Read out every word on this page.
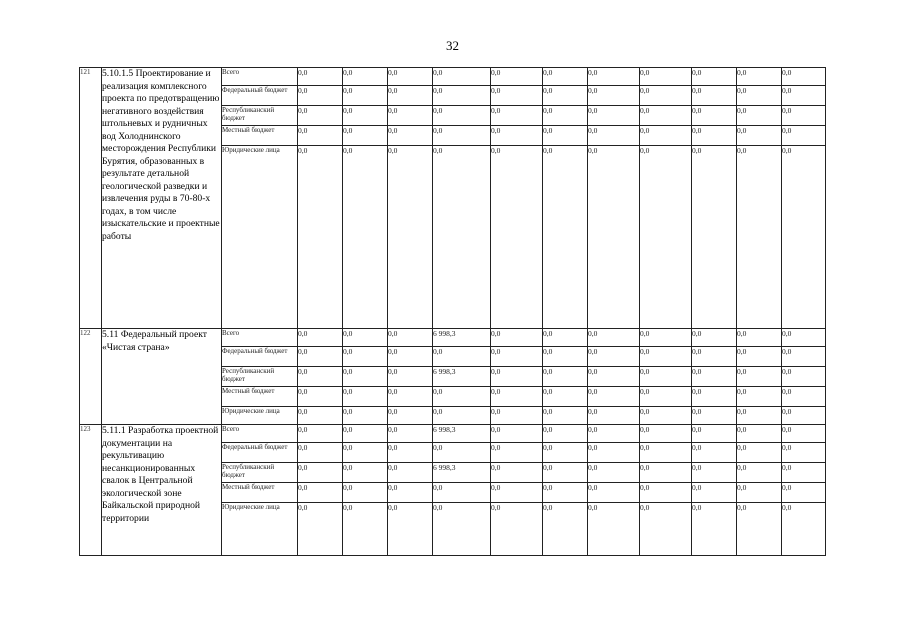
32
121	5.10.1.5 Проектирование и реализация комплексного проекта по предотвращению негативного воздействия штольневых и рудничных вод Холоднинского месторождения Республики Бурятия, образованных в результате детальной геологической разведки и извлечения руды в 70-80-х годах, в том числе изыскательские и проектные работы	Всего	0,0	0,0	0,0	0,0	0,0	0,0	0,0	0,0	0,0	0,0	0,0
		Федеральный бюджет	0,0	0,0	0,0	0,0	0,0	0,0	0,0	0,0	0,0	0,0	0,0
		Республиканский бюджет	0,0	0,0	0,0	0,0	0,0	0,0	0,0	0,0	0,0	0,0	0,0
		Местный бюджет	0,0	0,0	0,0	0,0	0,0	0,0	0,0	0,0	0,0	0,0	0,0
		Юридические лица	0,0	0,0	0,0	0,0	0,0	0,0	0,0	0,0	0,0	0,0	0,0
122	5.11 Федеральный проект «Чистая страна»	Всего	0,0	0,0	0,0	6 998,3	0,0	0,0	0,0	0,0	0,0	0,0	0,0
		Федеральный бюджет	0,0	0,0	0,0	0,0	0,0	0,0	0,0	0,0	0,0	0,0	0,0
		Республиканский бюджет	0,0	0,0	0,0	6 998,3	0,0	0,0	0,0	0,0	0,0	0,0	0,0
		Местный бюджет	0,0	0,0	0,0	0,0	0,0	0,0	0,0	0,0	0,0	0,0	0,0
		Юридические лица	0,0	0,0	0,0	0,0	0,0	0,0	0,0	0,0	0,0	0,0	0,0
123	5.11.1 Разработка проектной документации на рекультивацию несанкционированных свалок в Центральной экологической зоне Байкальской природной территории	Всего	0,0	0,0	0,0	6 998,3	0,0	0,0	0,0	0,0	0,0	0,0	0,0
		Федеральный бюджет	0,0	0,0	0,0	0,0	0,0	0,0	0,0	0,0	0,0	0,0	0,0
		Республиканский бюджет	0,0	0,0	0,0	6 998,3	0,0	0,0	0,0	0,0	0,0	0,0	0,0
		Местный бюджет	0,0	0,0	0,0	0,0	0,0	0,0	0,0	0,0	0,0	0,0	0,0
		Юридические лица	0,0	0,0	0,0	0,0	0,0	0,0	0,0	0,0	0,0	0,0	0,0
